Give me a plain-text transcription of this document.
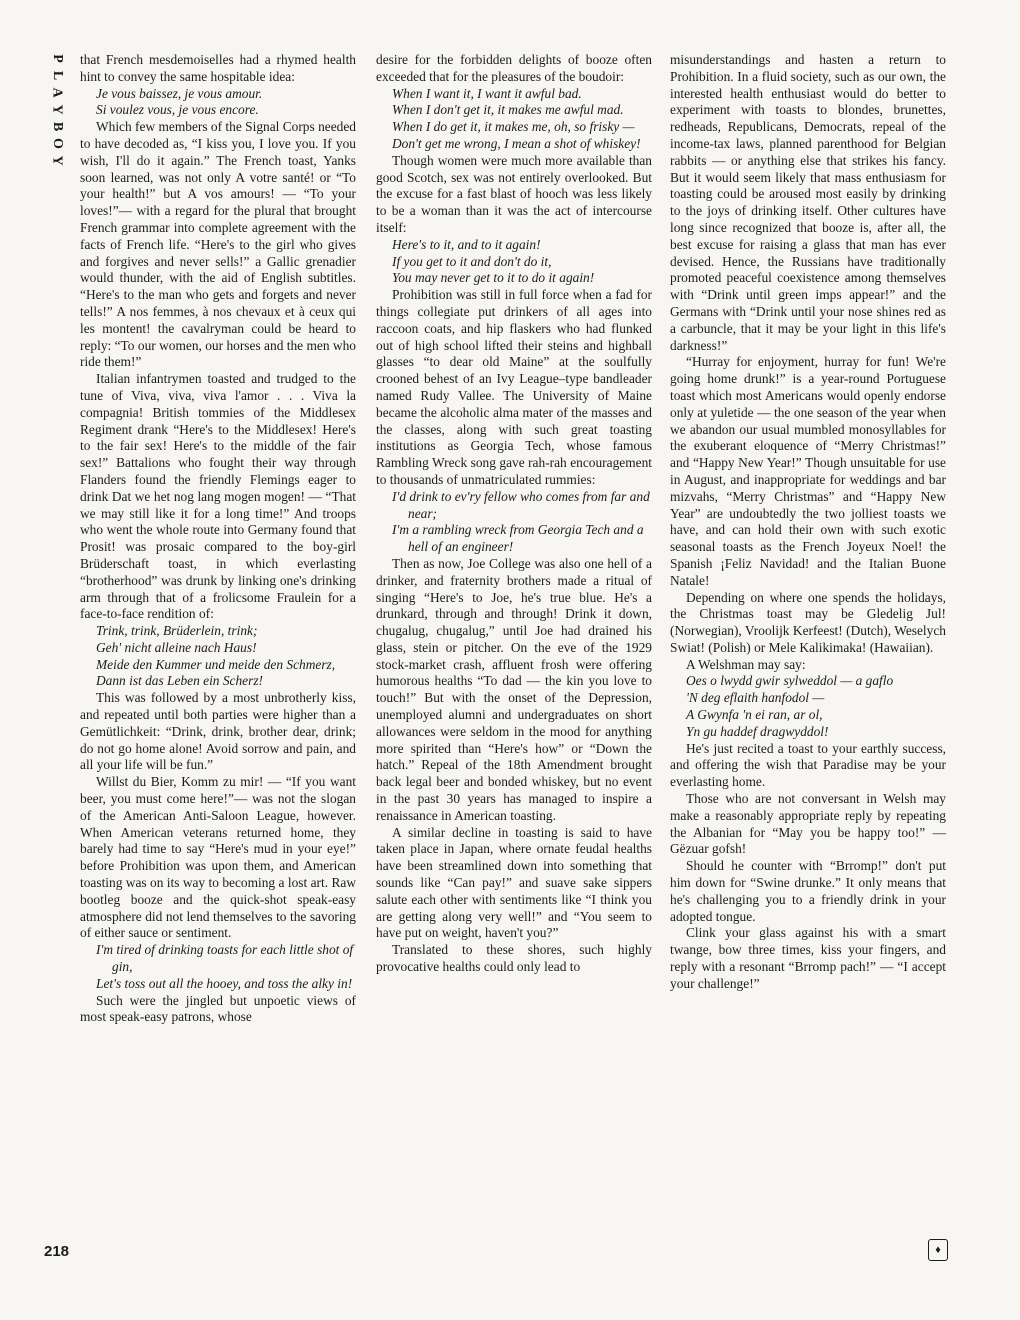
P
L
A
Y
B
O
Y
218

that French mesdemoiselles had a rhymed health hint to convey the same hospitable idea:

Je vous baissez, je vous amour.
Si voulez vous, je vous encore.

Which few members of the Signal Corps needed to have decoded as, “I kiss you, I love you. If you wish, I'll do it again.” The French toast, Yanks soon learned, was not only A votre santé! or “To your health!” but A vos amours! — “To your loves!”— with a regard for the plural that brought French grammar into complete agreement with the facts of French life. “Here's to the girl who gives and forgives and never sells!” a Gallic grenadier would thunder, with the aid of English subtitles. “Here's to the man who gets and forgets and never tells!” A nos femmes, à nos chevaux et à ceux qui les montent! the cavalryman could be heard to reply: “To our women, our horses and the men who ride them!”

Italian infantrymen toasted and trudged to the tune of Viva, viva, viva l'amor . . . Viva la compagnia! British tommies of the Middlesex Regiment drank “Here's to the Middlesex! Here's to the fair sex! Here's to the middle of the fair sex!” Battalions who fought their way through Flanders found the friendly Flemings eager to drink Dat we het nog lang mogen mogen! — “That we may still like it for a long time!” And troops who went the whole route into Germany found that Prosit! was prosaic compared to the boy-girl Brüderschaft toast, in which everlasting “brotherhood” was drunk by linking one's drinking arm through that of a frolicsome Fraulein for a face-to-face rendition of:

Trink, trink, Brüderlein, trink;
Geh' nicht alleine nach Haus!
Meide den Kummer und meide den Schmerz,
Dann ist das Leben ein Scherz!

This was followed by a most unbrotherly kiss, and repeated until both parties were higher than a Gemütlichkeit: “Drink, drink, brother dear, drink; do not go home alone! Avoid sorrow and pain, and all your life will be fun.”

Willst du Bier, Komm zu mir! — “If you want beer, you must come here!”— was not the slogan of the American Anti-Saloon League, however. When American veterans returned home, they barely had time to say “Here's mud in your eye!” before Prohibition was upon them, and American toasting was on its way to becoming a lost art. Raw bootleg booze and the quick-shot speak-easy atmosphere did not lend themselves to the savoring of either sauce or sentiment.

I'm tired of drinking toasts for each little shot of gin,
Let's toss out all the hooey, and toss the alky in!

Such were the jingled but unpoetic views of most speak-easy patrons, whose

desire for the forbidden delights of booze often exceeded that for the pleasures of the boudoir:

When I want it, I want it awful bad.
When I don't get it, it makes me awful mad.
When I do get it, it makes me, oh, so frisky —
Don't get me wrong, I mean a shot of whiskey!

Though women were much more available than good Scotch, sex was not entirely overlooked. But the excuse for a fast blast of hooch was less likely to be a woman than it was the act of intercourse itself:

Here's to it, and to it again!
If you get to it and don't do it,
You may never get to it to do it again!

Prohibition was still in full force when a fad for things collegiate put drinkers of all ages into raccoon coats, and hip flaskers who had flunked out of high school lifted their steins and highball glasses “to dear old Maine” at the soulfully crooned behest of an Ivy League–type bandleader named Rudy Vallee. The University of Maine became the alcoholic alma mater of the masses and the classes, along with such great toasting institutions as Georgia Tech, whose famous Rambling Wreck song gave rah-rah encouragement to thousands of unmatriculated rummies:

I'd drink to ev'ry fellow who comes from far and near;
I'm a rambling wreck from Georgia Tech and a hell of an engineer!

Then as now, Joe College was also one hell of a drinker, and fraternity brothers made a ritual of singing “Here's to Joe, he's true blue. He's a drunkard, through and through! Drink it down, chugalug, chugalug,” until Joe had drained his glass, stein or pitcher. On the eve of the 1929 stock-market crash, affluent frosh were offering humorous healths “To dad — the kin you love to touch!” But with the onset of the Depression, unemployed alumni and undergraduates on short allowances were seldom in the mood for anything more spirited than “Here's how” or “Down the hatch.” Repeal of the 18th Amendment brought back legal beer and bonded whiskey, but no event in the past 30 years has managed to inspire a renaissance in American toasting.

A similar decline in toasting is said to have taken place in Japan, where ornate feudal healths have been streamlined down into something that sounds like “Can pay!” and suave sake sippers salute each other with sentiments like “I think you are getting along very well!” and “You seem to have put on weight, haven't you?”

Translated to these shores, such highly provocative healths could only lead to

misunderstandings and hasten a return to Prohibition. In a fluid society, such as our own, the interested health enthusiast would do better to experiment with toasts to blondes, brunettes, redheads, Republicans, Democrats, repeal of the income-tax laws, planned parenthood for Belgian rabbits — or anything else that strikes his fancy. But it would seem likely that mass enthusiasm for toasting could be aroused most easily by drinking to the joys of drinking itself. Other cultures have long since recognized that booze is, after all, the best excuse for raising a glass that man has ever devised. Hence, the Russians have traditionally promoted peaceful coexistence among themselves with “Drink until green imps appear!” and the Germans with “Drink until your nose shines red as a carbuncle, that it may be your light in this life's darkness!”

“Hurray for enjoyment, hurray for fun! We're going home drunk!” is a year-round Portuguese toast which most Americans would openly endorse only at yuletide — the one season of the year when we abandon our usual mumbled monosyllables for the exuberant eloquence of “Merry Christmas!” and “Happy New Year!” Though unsuitable for use in August, and inappropriate for weddings and bar mizvahs, “Merry Christmas” and “Happy New Year” are undoubtedly the two jolliest toasts we have, and can hold their own with such exotic seasonal toasts as the French Joyeux Noel! the Spanish ¡Feliz Navidad! and the Italian Buone Natale!

Depending on where one spends the holidays, the Christmas toast may be Gledelig Jul! (Norwegian), Vroolijk Kerfeest! (Dutch), Weselych Swiat! (Polish) or Mele Kalikimaka! (Hawaiian).

A Welshman may say:

Oes o lwydd gwir sylweddol — a gaflo
'N deg eflaith hanfodol —
A Gwynfa 'n ei ran, ar ol,
Yn gu haddef dragwyddol!

He's just recited a toast to your earthly success, and offering the wish that Paradise may be your everlasting home.

Those who are not conversant in Welsh may make a reasonably appropriate reply by repeating the Albanian for “May you be happy too!” — Gëzuar gofsh!

Should he counter with “Brromp!” don't put him down for “Swine drunke.” It only means that he's challenging you to a friendly drink in your adopted tongue.

Clink your glass against his with a smart twange, bow three times, kiss your fingers, and reply with a resonant “Brromp pach!” — “I accept your challenge!”

♦
